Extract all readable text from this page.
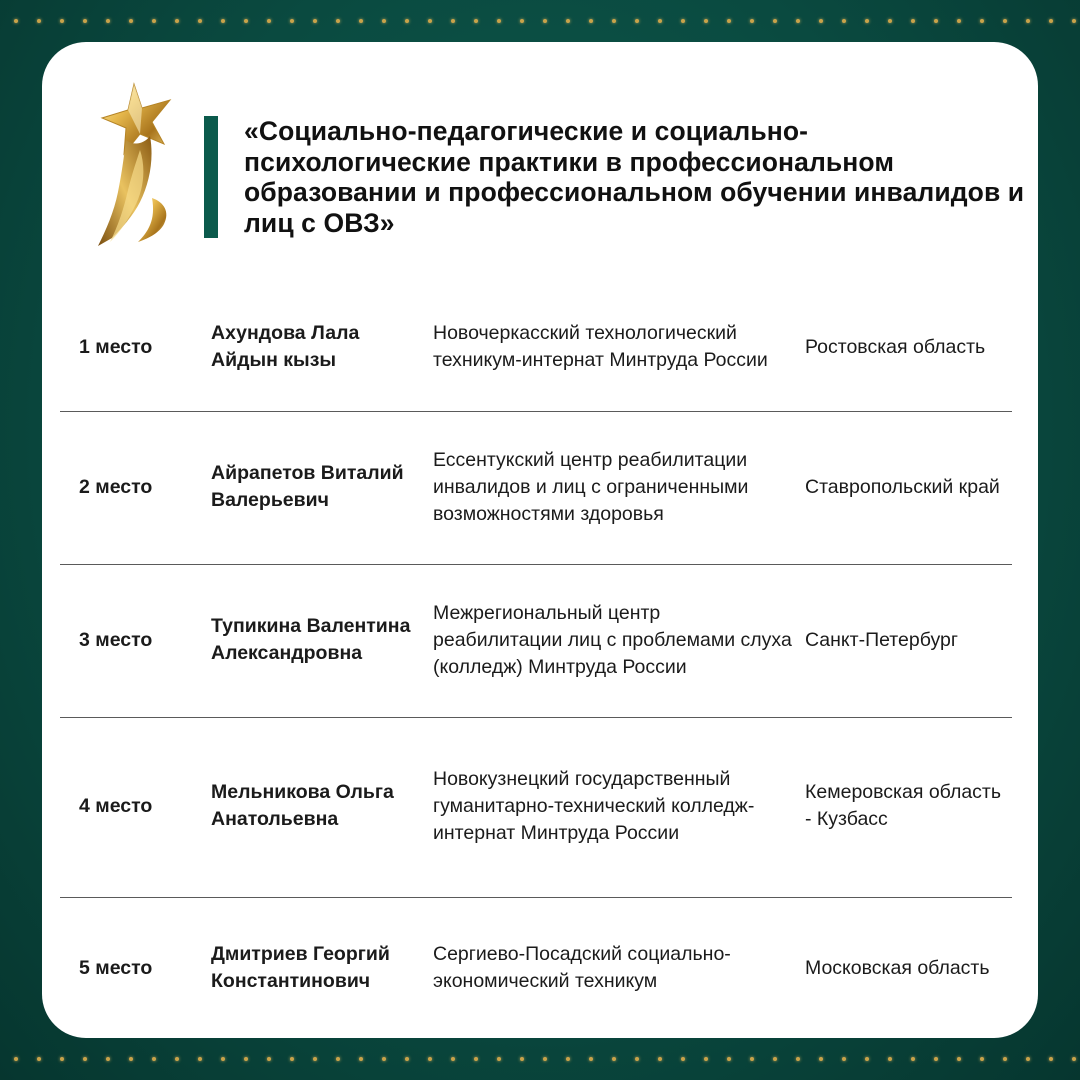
«Социально-педагогические и социально-психологические практики в профессиональном образовании и профессиональном обучении инвалидов и лиц с ОВЗ»
1 место
Ахундова Лала Айдын кызы
Новочеркасский технологический техникум-интернат Минтруда России
Ростовская область
2 место
Айрапетов Виталий Валерьевич
Ессентукский центр реабилитации инвалидов и лиц с ограниченными возможностями здоровья
Ставропольский край
3 место
Тупикина Валентина Александровна
Межрегиональный центр реабилитации лиц с проблемами слуха (колледж) Минтруда России
Санкт-Петербург
4 место
Мельникова Ольга Анатольевна
Новокузнецкий государственный гуманитарно-технический колледж-интернат Минтруда России
Кемеровская область - Кузбасс
5 место
Дмитриев Георгий Константинович
Сергиево-Посадский социально-экономический техникум
Московская область
